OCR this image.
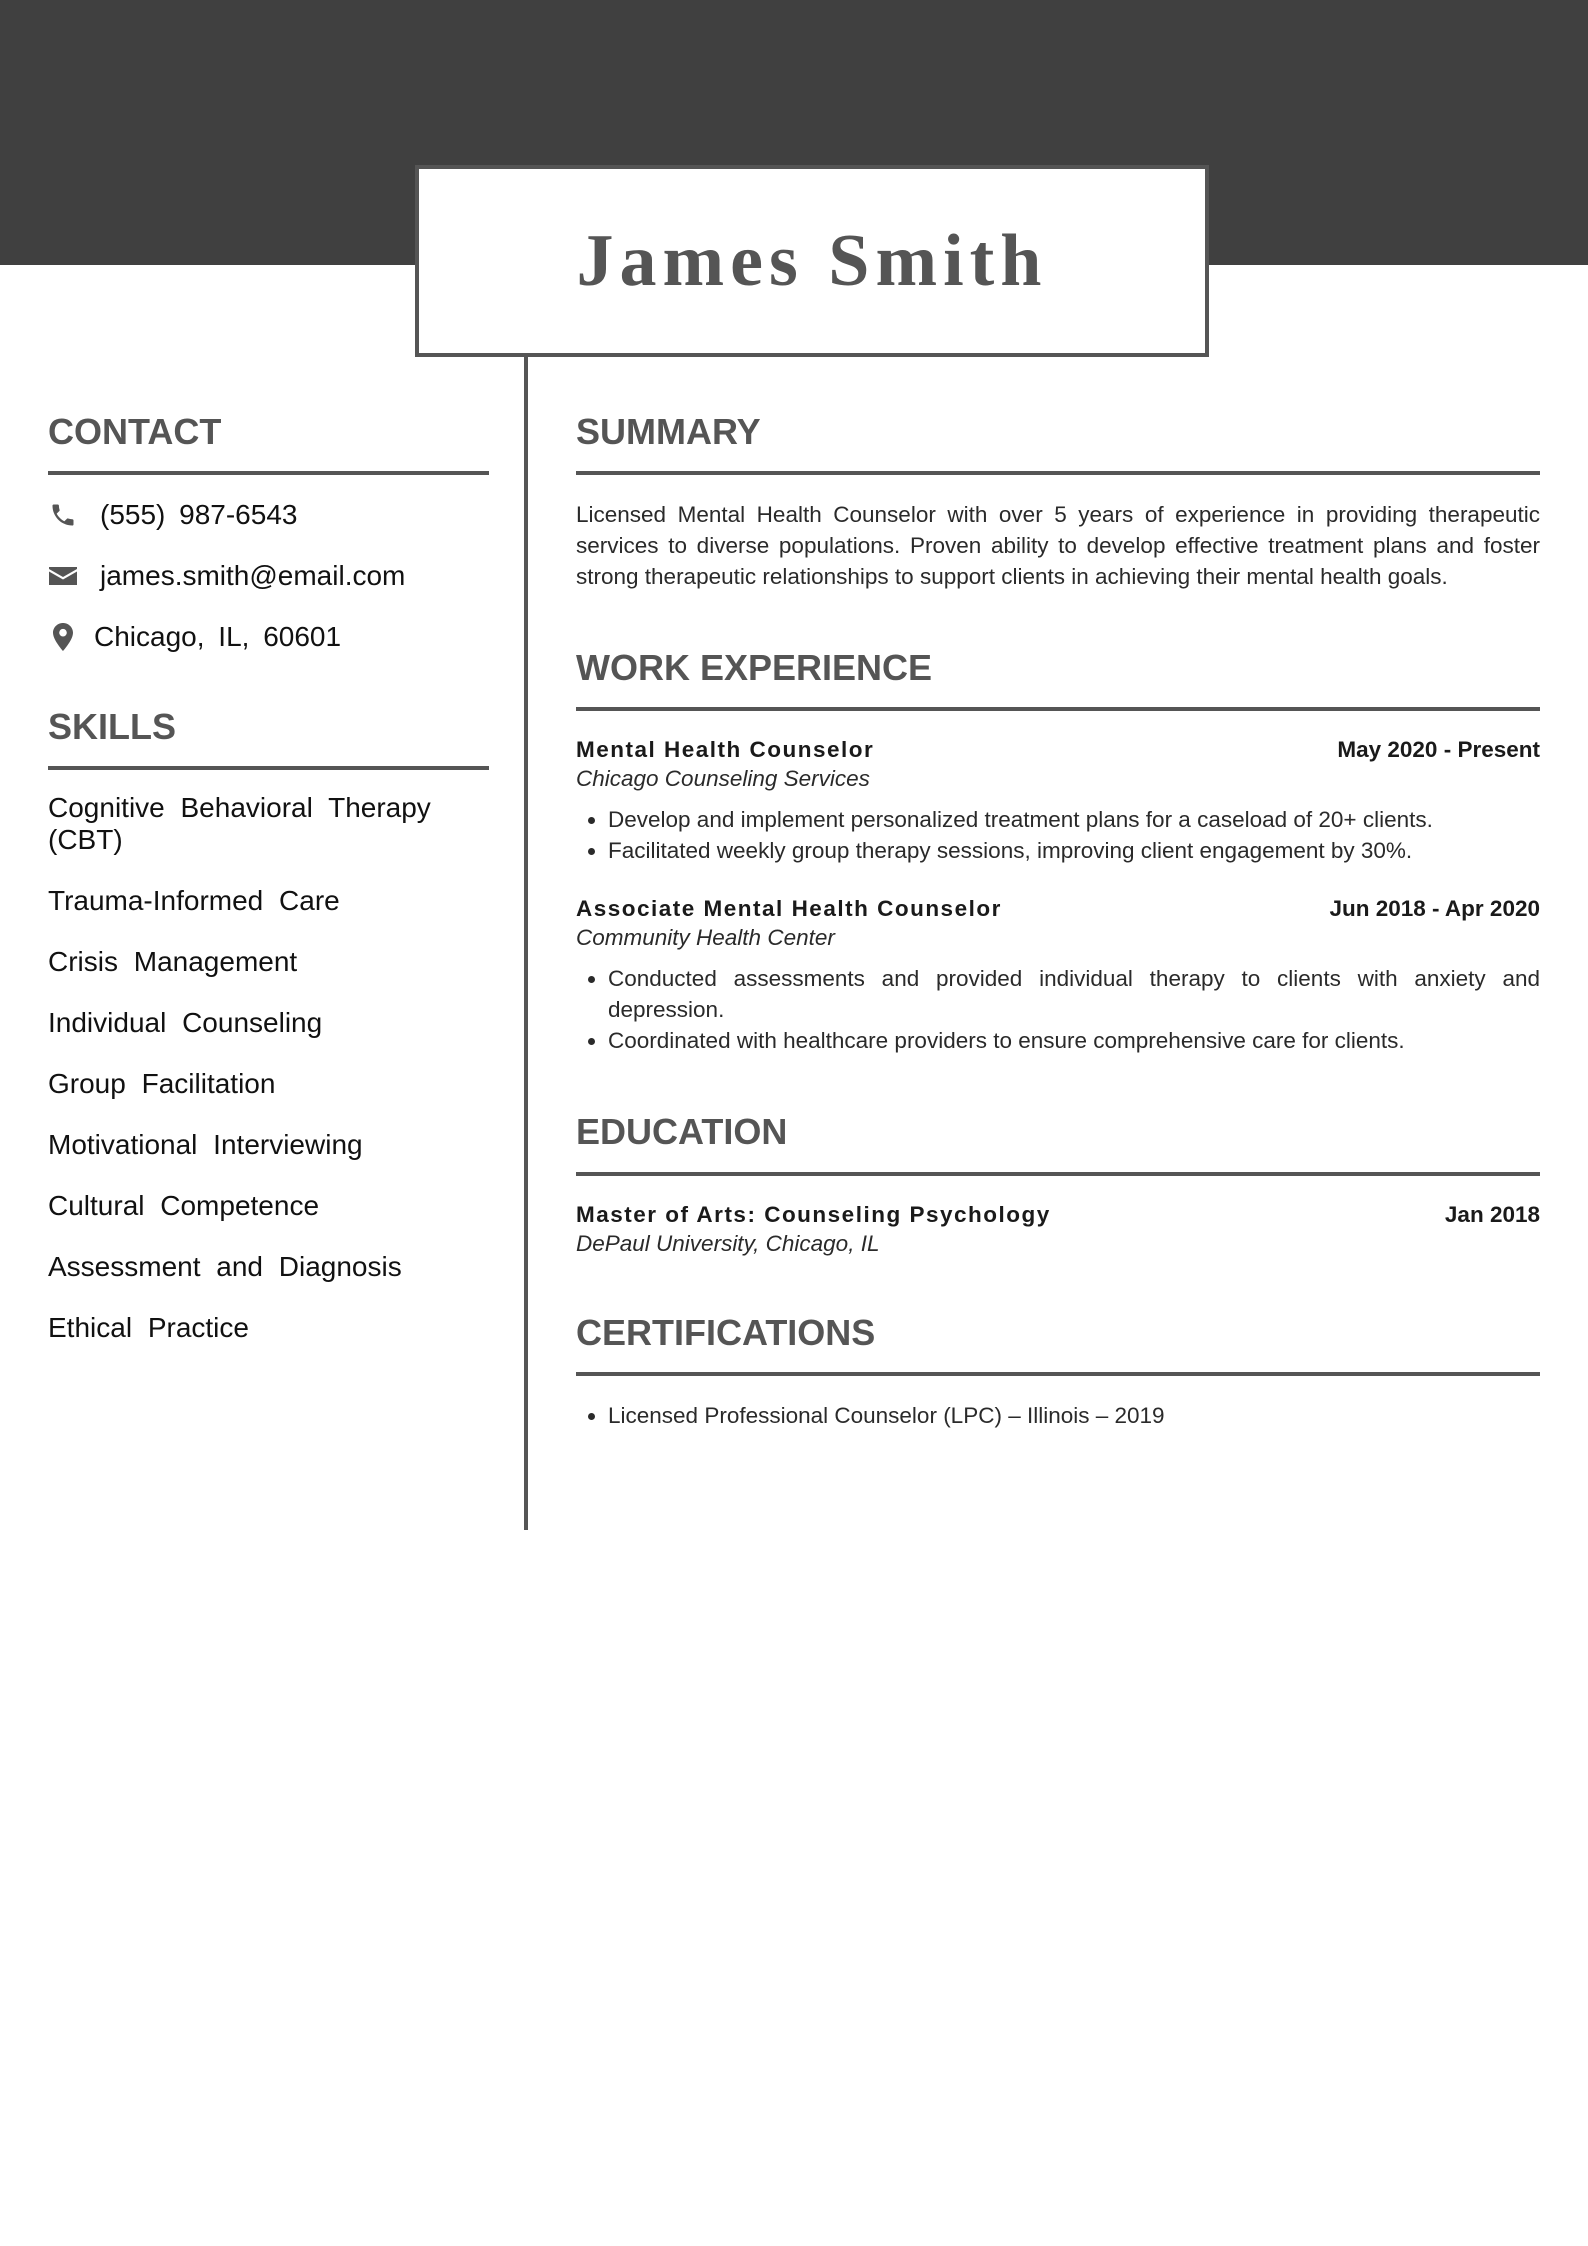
James Smith
CONTACT
(555) 987-6543
james.smith@email.com
Chicago, IL, 60601
SKILLS
Cognitive Behavioral Therapy (CBT)
Trauma-Informed Care
Crisis Management
Individual Counseling
Group Facilitation
Motivational Interviewing
Cultural Competence
Assessment and Diagnosis
Ethical Practice
SUMMARY

Licensed Mental Health Counselor with over 5 years of experience in providing therapeutic services to diverse populations. Proven ability to develop effective treatment plans and foster strong therapeutic relationships to support clients in achieving their mental health goals.

WORK EXPERIENCE
Mental Health Counselor	May 2020 - Present
Chicago Counseling Services
• Develop and implement personalized treatment plans for a caseload of 20+ clients.
• Facilitated weekly group therapy sessions, improving client engagement by 30%.
Associate Mental Health Counselor	Jun 2018 - Apr 2020
Community Health Center
• Conducted assessments and provided individual therapy to clients with anxiety and depression.
• Coordinated with healthcare providers to ensure comprehensive care for clients.
EDUCATION
Master of Arts: Counseling Psychology	Jan 2018
DePaul University, Chicago, IL
CERTIFICATIONS
• Licensed Professional Counselor (LPC) – Illinois – 2019
